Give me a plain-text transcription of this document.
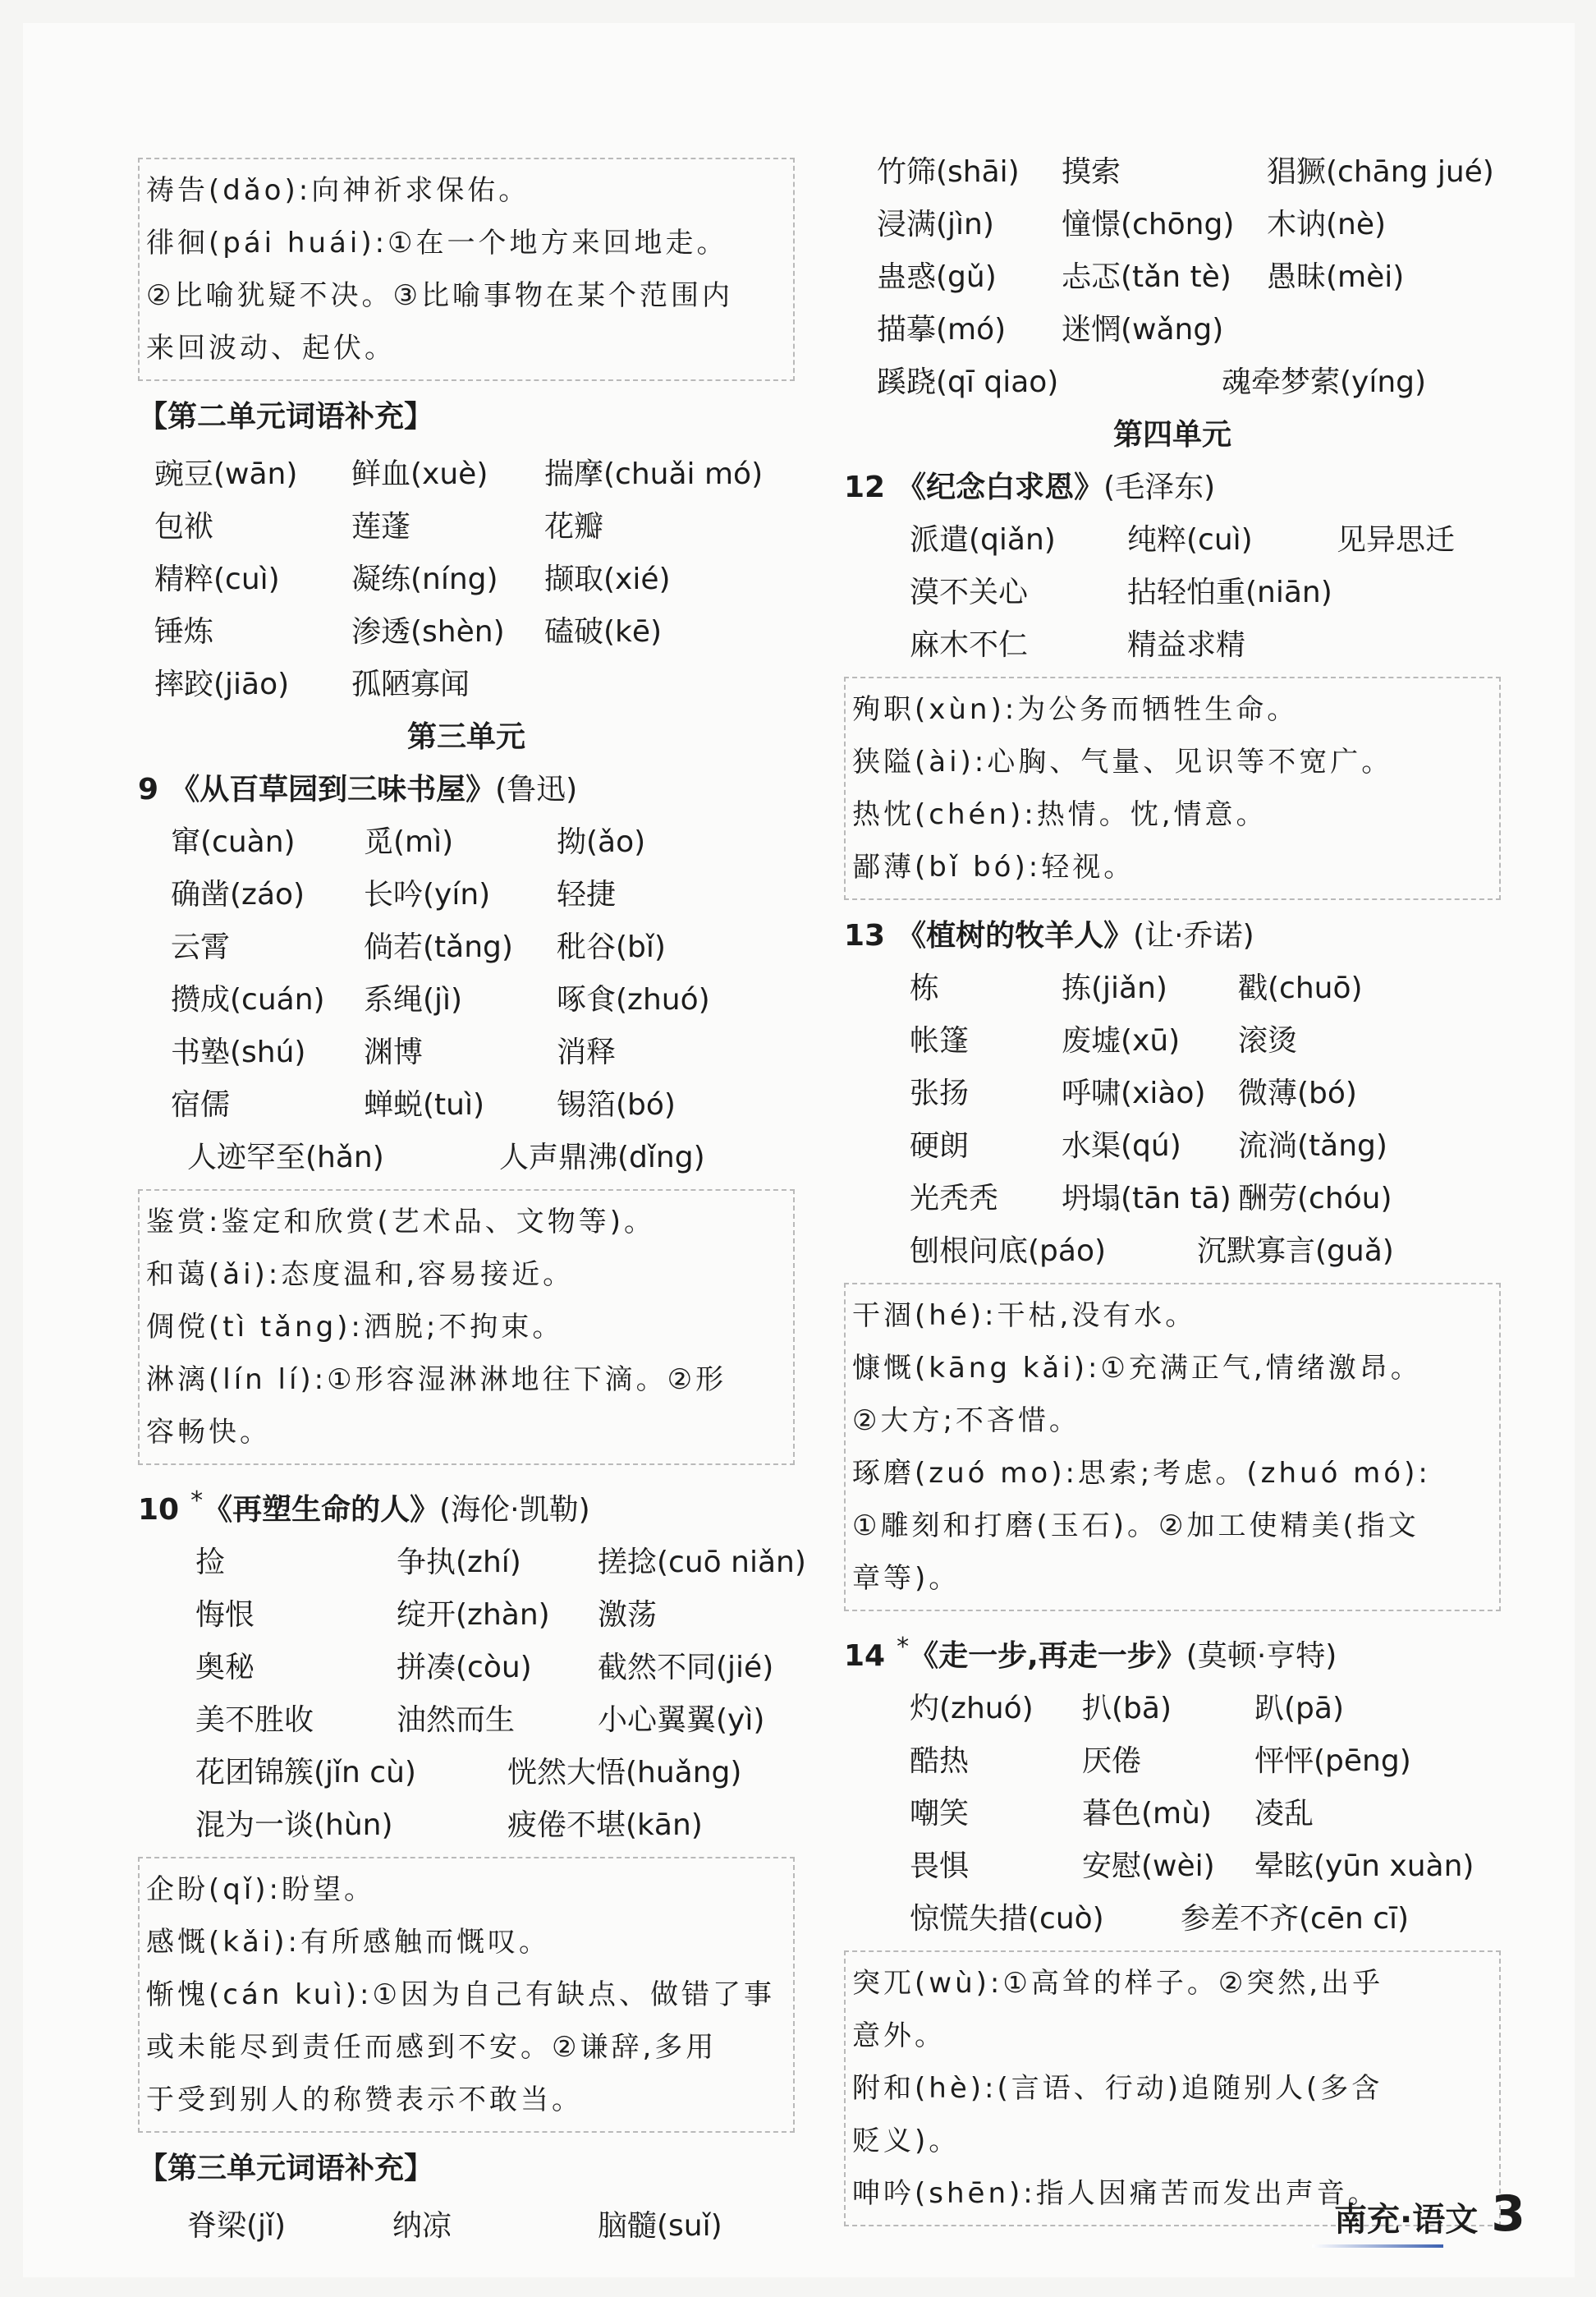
祷告(dǎo):向神祈求保佑。
徘徊(pái huái):①在一个地方来回地走。
②比喻犹疑不决。③比喻事物在某个范围内
来回波动、起伏。
【第二单元词语补充】
豌豆(wān)	鲜血(xuè)	揣摩(chuǎi mó)
包袱	莲蓬	花瓣
精粹(cuì)	凝练(níng)	撷取(xié)
锤炼	渗透(shèn)	磕破(kē)
摔跤(jiāo)	孤陋寡闻
第三单元
9 《从百草园到三味书屋》(鲁迅)
窜(cuàn)	觅(mì)	拗(ǎo)
确凿(záo)	长吟(yín)	轻捷
云霄	倘若(tǎng)	秕谷(bǐ)
攒成(cuán)	系绳(jì)	啄食(zhuó)
书塾(shú)	渊博	消释
宿儒	蝉蜕(tuì)	锡箔(bó)
人迹罕至(hǎn)	人声鼎沸(dǐng)
鉴赏:鉴定和欣赏(艺术品、文物等)。
和蔼(ǎi):态度温和,容易接近。
倜傥(tì tǎng):洒脱;不拘束。
淋漓(lín lí):①形容湿淋淋地往下滴。②形
容畅快。
10 *《再塑生命的人》(海伦·凯勒)
捡	争执(zhí)	搓捻(cuō niǎn)
悔恨	绽开(zhàn)	激荡
奥秘	拼凑(còu)	截然不同(jié)
美不胜收	油然而生	小心翼翼(yì)
花团锦簇(jǐn cù)	恍然大悟(huǎng)
混为一谈(hùn)	疲倦不堪(kān)
企盼(qǐ):盼望。
感慨(kǎi):有所感触而慨叹。
惭愧(cán kuì):①因为自己有缺点、做错了事
或未能尽到责任而感到不安。②谦辞,多用
于受到别人的称赞表示不敢当。
【第三单元词语补充】
脊梁(jǐ)	纳凉	脑髓(suǐ)
竹筛(shāi)	摸索	猖獗(chāng jué)
浸满(jìn)	憧憬(chōng)	木讷(nè)
蛊惑(gǔ)	忐忑(tǎn tè)	愚昧(mèi)
描摹(mó)	迷惘(wǎng)
蹊跷(qī qiao)	魂牵梦萦(yíng)
第四单元
12 《纪念白求恩》(毛泽东)
派遣(qiǎn)	纯粹(cuì)	见异思迁
漠不关心	拈轻怕重(niān)
麻木不仁	精益求精
殉职(xùn):为公务而牺牲生命。
狭隘(ài):心胸、气量、见识等不宽广。
热忱(chén):热情。忱,情意。
鄙薄(bǐ bó):轻视。
13 《植树的牧羊人》(让·乔诺)
栋	拣(jiǎn)	戳(chuō)
帐篷	废墟(xū)	滚烫
张扬	呼啸(xiào)	微薄(bó)
硬朗	水渠(qú)	流淌(tǎng)
光秃秃	坍塌(tān tā) 酬劳(chóu)
刨根问底(páo)	沉默寡言(guǎ)
干涸(hé):干枯,没有水。
慷慨(kāng kǎi):①充满正气,情绪激昂。
②大方;不吝惜。
琢磨(zuó mo):思索;考虑。(zhuó mó):
①雕刻和打磨(玉石)。②加工使精美(指文
章等)。
14 *《走一步,再走一步》(莫顿·亨特)
灼(zhuó)	扒(bā)	趴(pā)
酷热	厌倦	怦怦(pēng)
嘲笑	暮色(mù)	凌乱
畏惧	安慰(wèi)	晕眩(yūn xuàn)
惊慌失措(cuò)	参差不齐(cēn cī)
突兀(wù):①高耸的样子。②突然,出乎
意外。
附和(hè):(言语、行动)追随别人(多含
贬义)。
呻吟(shēn):指人因痛苦而发出声音。
南充·语文 3
